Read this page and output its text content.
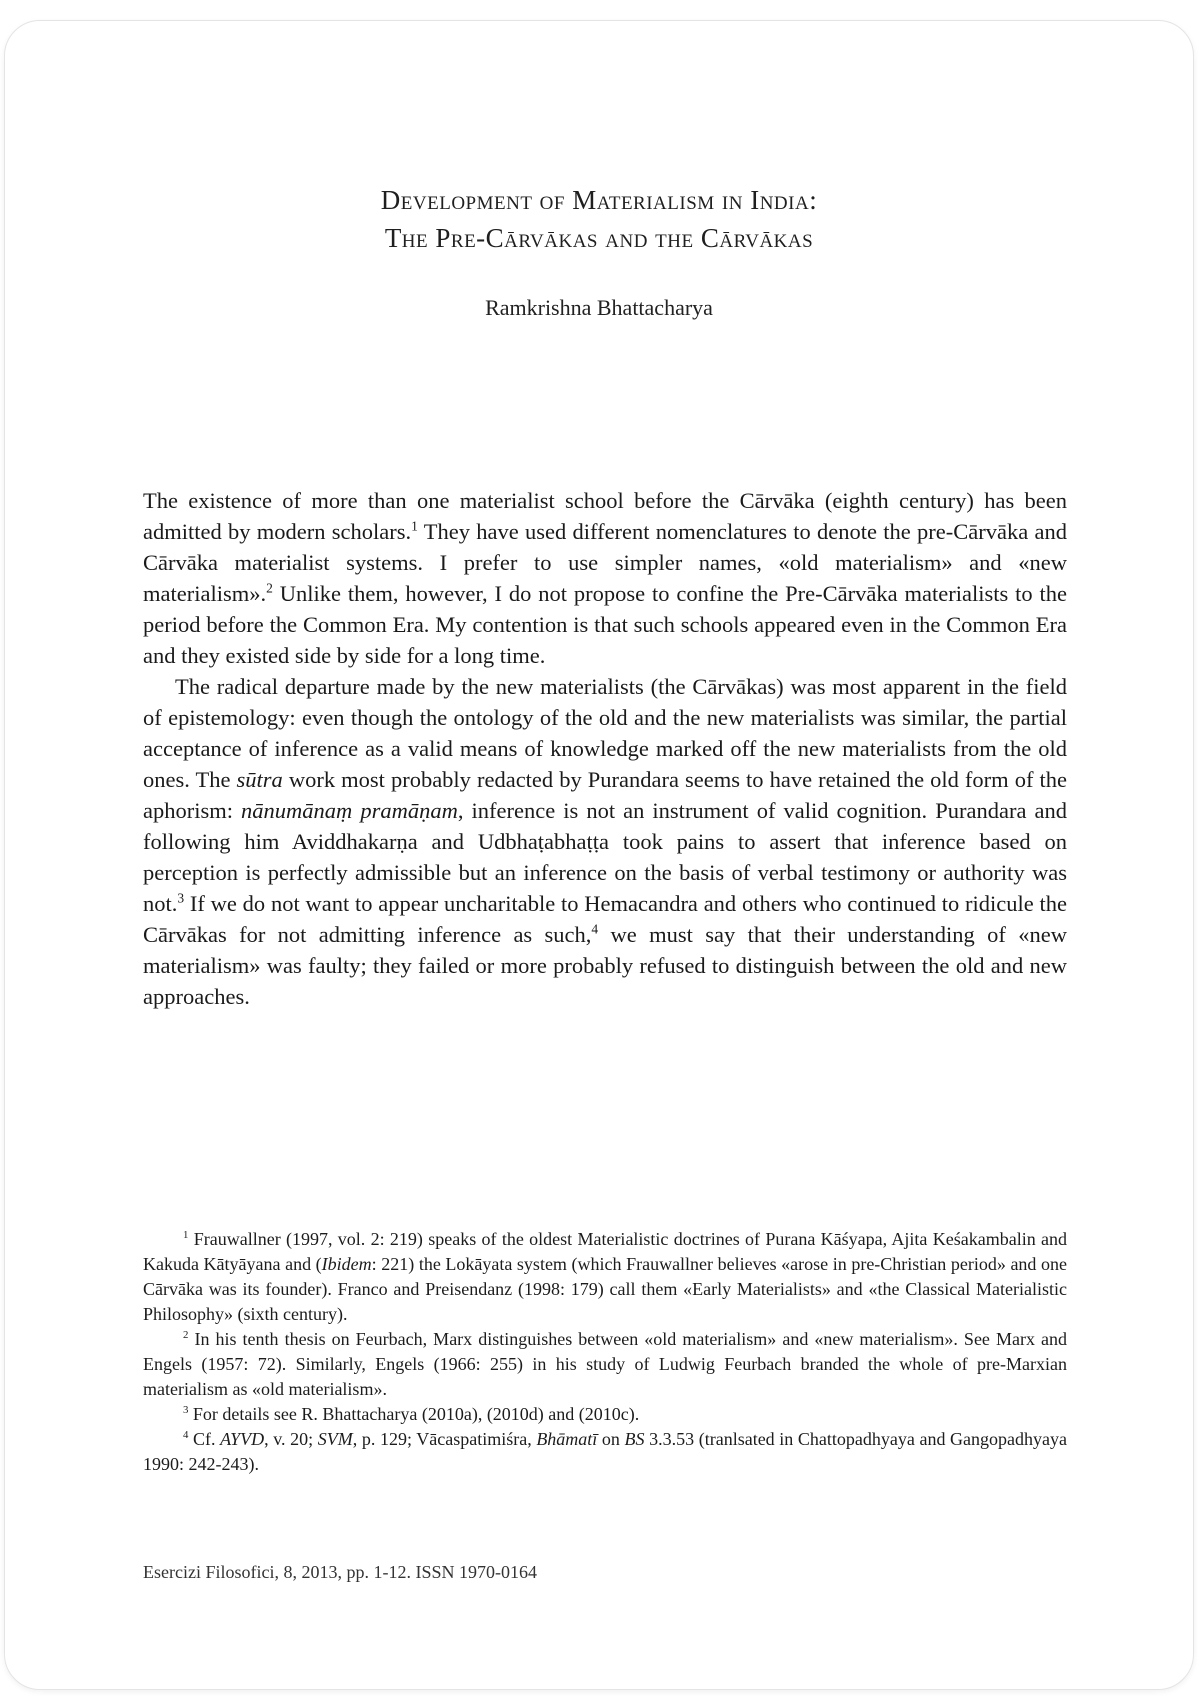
Development of Materialism in India:
The Pre-Cārvākas and the Cārvākas
Ramkrishna Bhattacharya

The existence of more than one materialist school before the Cārvāka (eighth century) has been admitted by modern scholars.$^1$ They have used different nomenclatures to denote the pre-Cārvāka and Cārvāka materialist systems. I prefer to use simpler names, «old materialism» and «new materialism».$^2$ Unlike them, however, I do not propose to confine the Pre-Cārvāka materialists to the period before the Common Era. My contention is that such schools appeared even in the Common Era and they existed side by side for a long time.

The radical departure made by the new materialists (the Cārvākas) was most apparent in the field of epistemology: even though the ontology of the old and the new materialists was similar, the partial acceptance of inference as a valid means of knowledge marked off the new materialists from the old ones. The sūtra work most probably redacted by Purandara seems to have retained the old form of the aphorism: nānumānaṃ pramāṇam, inference is not an instrument of valid cognition. Purandara and following him Aviddhakarṇa and Udbhaṭabhaṭṭa took pains to assert that inference based on perception is perfectly admissible but an inference on the basis of verbal testimony or authority was not.$^3$ If we do not want to appear uncharitable to Hemacandra and others who continued to ridicule the Cārvākas for not admitting inference as such,$^4$ we must say that their understanding of «new materialism» was faulty; they failed or more probably refused to distinguish between the old and new approaches.

$^1$ Frauwallner (1997, vol. 2: 219) speaks of the oldest Materialistic doctrines of Purana Kāśyapa, Ajita Keśakambalin and Kakuda Kātyāyana and (Ibidem: 221) the Lokāyata system (which Frauwallner believes «arose in pre-Christian period» and one Cārvāka was its founder). Franco and Preisendanz (1998: 179) call them «Early Materialists» and «the Classical Materialistic Philosophy» (sixth century).

$^2$ In his tenth thesis on Feurbach, Marx distinguishes between «old materialism» and «new materialism». See Marx and Engels (1957: 72). Similarly, Engels (1966: 255) in his study of Ludwig Feurbach branded the whole of pre-Marxian materialism as «old materialism».

$^3$ For details see R. Bhattacharya (2010a), (2010d) and (2010c).

$^4$ Cf. AYVD, v. 20; SVM, p. 129; Vācaspatimiśra, Bhāmatī on BS 3.3.53 (tranlsated in Chattopadhyaya and Gangopadhyaya 1990: 242-243).

Esercizi Filosofici, 8, 2013, pp. 1-12. ISSN 1970-0164
